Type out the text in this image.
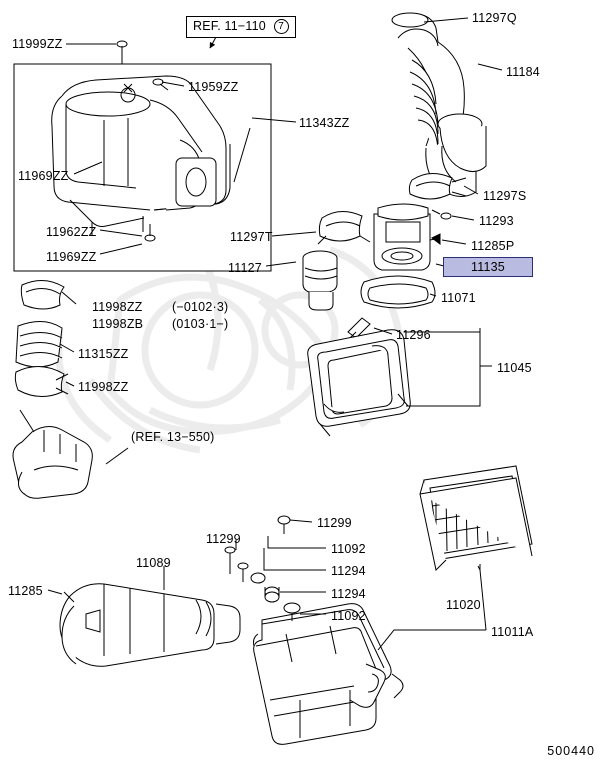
REF. 11−110 7
(REF. 13−550)
11135
11999ZZ
11959ZZ
11343ZZ
11969ZZ
11962ZZ
11969ZZ
11297Q
11184
11297S
11293
11285P
11297T
11127
11071
11998ZZ (−0102·3)
11998ZB (0103·1−)
11315ZZ
11998ZZ
11296
11045
11299
11299
11092
11294
11294
11092
11089
11285
11020
11011A
500440
